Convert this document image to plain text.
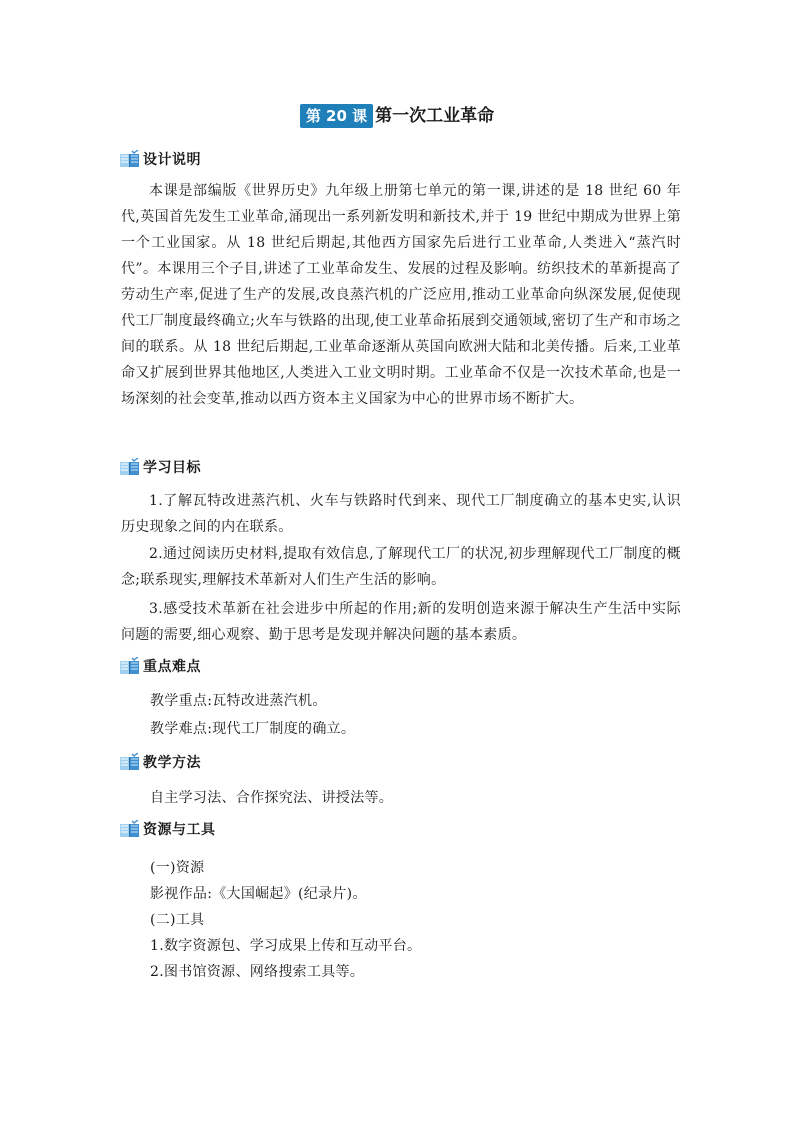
第 20 课 第一次工业革命
设计说明

本课是部编版《世界历史》九年级上册第七单元的第一课,讲述的是 18 世纪 60 年代,英国首先发生工业革命,涌现出一系列新发明和新技术,并于 19 世纪中期成为世界上第一个工业国家。从 18 世纪后期起,其他西方国家先后进行工业革命,人类进入“蒸汽时代”。本课用三个子目,讲述了工业革命发生、发展的过程及影响。纺织技术的革新提高了劳动生产率,促进了生产的发展,改良蒸汽机的广泛应用,推动工业革命向纵深发展,促使现代工厂制度最终确立;火车与铁路的出现,使工业革命拓展到交通领域,密切了生产和市场之间的联系。从 18 世纪后期起,工业革命逐渐从英国向欧洲大陆和北美传播。后来,工业革命又扩展到世界其他地区,人类进入工业文明时期。工业革命不仅是一次技术革命,也是一场深刻的社会变革,推动以西方资本主义国家为中心的世界市场不断扩大。

学习目标

1.了解瓦特改进蒸汽机、火车与铁路时代到来、现代工厂制度确立的基本史实,认识历史现象之间的内在联系。

2.通过阅读历史材料,提取有效信息,了解现代工厂的状况,初步理解现代工厂制度的概念;联系现实,理解技术革新对人们生产生活的影响。

3.感受技术革新在社会进步中所起的作用;新的发明创造来源于解决生产生活中实际问题的需要,细心观察、勤于思考是发现并解决问题的基本素质。

重点难点

教学重点:瓦特改进蒸汽机。

教学难点:现代工厂制度的确立。

教学方法

自主学习法、合作探究法、讲授法等。

资源与工具

(一)资源

影视作品:《大国崛起》(纪录片)。

(二)工具

1.数字资源包、学习成果上传和互动平台。

2.图书馆资源、网络搜索工具等。
